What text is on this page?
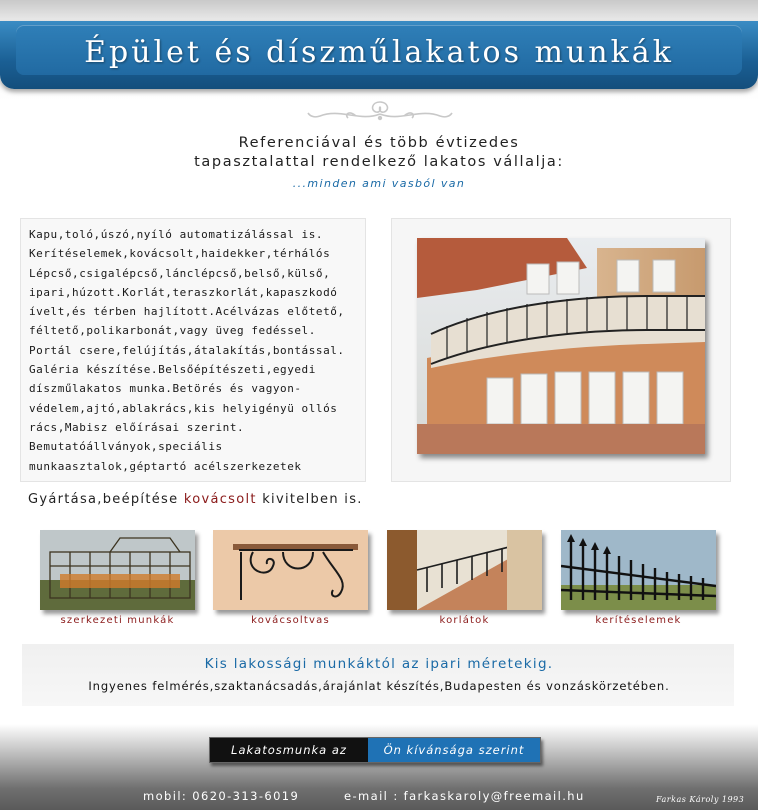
Épület és díszműlakatos munkák
Referenciával és több évtizedes
tapasztalattal rendelkező lakatos vállalja:
...minden ami vasból van
Kapu,toló,úszó,nyíló automatizálással is.
Kerítéselemek,kovácsolt,haidekker,térhálós
Lépcső,csigalépcső,lánclépcső,belső,külső,
ipari,húzott.Korlát,teraszkorlát,kapaszkodó
ívelt,és térben hajlított.Acélvázas előtető,
féltető,polikarbonát,vagy üveg fedéssel.
Portál csere,felújítás,átalakítás,bontással.
Galéria készítése.Belsőépítészeti,egyedi
díszműlakatos munka.Betörés és vagyon-
védelem,ajtó,ablakrács,kis helyigényü ollós
rács,Mabisz előírásai szerint.
Bemutatóállványok,speciális
munkaasztalok,géptartó acélszerkezetek
Gyártása,beépítése kovácsolt kivitelben is.
szerkezeti munkák	kovácsoltvas	korlátok	kerítéselemek
Kis lakossági munkáktól az ipari méretekig.
Ingyenes felmérés,szaktanácsadás,árajánlat készítés,Budapesten és vonzáskörzetében.
Lakatosmunka az	Ön kívánsága szerint
mobil: 0620-313-6019	e-mail : farkaskaroly@freemail.hu	Farkas Károly 1993
